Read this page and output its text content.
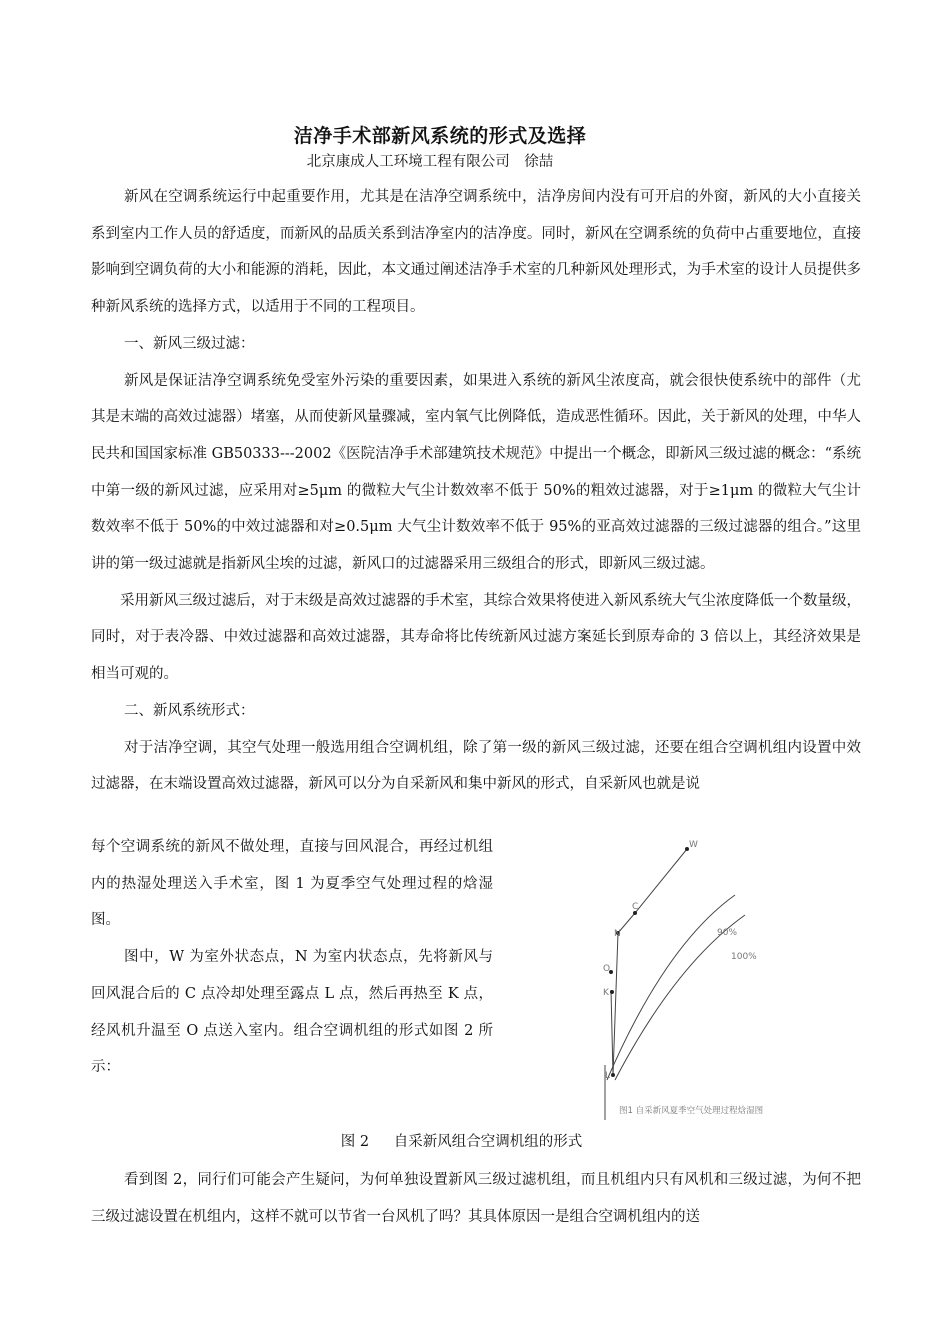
洁净手术部新风系统的形式及选择
北京康成人工环境工程有限公司　徐喆

新风在空调系统运行中起重要作用，尤其是在洁净空调系统中，洁净房间内没有可开启的外窗，新风的大小直接关系到室内工作人员的舒适度，而新风的品质关系到洁净室内的洁净度。同时，新风在空调系统的负荷中占重要地位，直接影响到空调负荷的大小和能源的消耗，因此，本文通过阐述洁净手术室的几种新风处理形式，为手术室的设计人员提供多种新风系统的选择方式，以适用于不同的工程项目。

一、新风三级过滤：

新风是保证洁净空调系统免受室外污染的重要因素，如果进入系统的新风尘浓度高，就会很快使系统中的部件（尤其是末端的高效过滤器）堵塞，从而使新风量骤减，室内氧气比例降低，造成恶性循环。因此，关于新风的处理，中华人民共和国国家标准 GB50333---2002《医院洁净手术部建筑技术规范》中提出一个概念，即新风三级过滤的概念：“系统中第一级的新风过滤，应采用对≥5μm 的微粒大气尘计数效率不低于 50%的粗效过滤器，对于≥1μm 的微粒大气尘计数效率不低于 50%的中效过滤器和对≥0.5μm 大气尘计数效率不低于 95%的亚高效过滤器的三级过滤器的组合。”这里讲的第一级过滤就是指新风尘埃的过滤，新风口的过滤器采用三级组合的形式，即新风三级过滤。

采用新风三级过滤后，对于末级是高效过滤器的手术室，其综合效果将使进入新风系统大气尘浓度降低一个数量级，同时，对于表冷器、中效过滤器和高效过滤器，其寿命将比传统新风过滤方案延长到原寿命的 3 倍以上，其经济效果是相当可观的。

二、新风系统形式：

对于洁净空调，其空气处理一般选用组合空调机组，除了第一级的新风三级过滤，还要在组合空调机组内设置中效过滤器，在末端设置高效过滤器，新风可以分为自采新风和集中新风的形式，自采新风也就是说

每个空调系统的新风不做处理，直接与回风混合，再经过机组内的热湿处理送入手术室，图 1 为夏季空气处理过程的焓湿图。

图中，W 为室外状态点，N 为室内状态点，先将新风与回风混合后的 C 点冷却处理至露点 L 点，然后再热至 K 点，经风机升温至 O 点送入室内。组合空调机组的形式如图 2 所示：

W
C
N
O
K
L
90%
100%
图1 自采新风夏季空气处理过程焓湿图
图 2 自采新风组合空调机组的形式

看到图 2，同行们可能会产生疑问，为何单独设置新风三级过滤机组，而且机组内只有风机和三级过滤，为何不把三级过滤设置在机组内，这样不就可以节省一台风机了吗？其具体原因一是组合空调机组内的送
